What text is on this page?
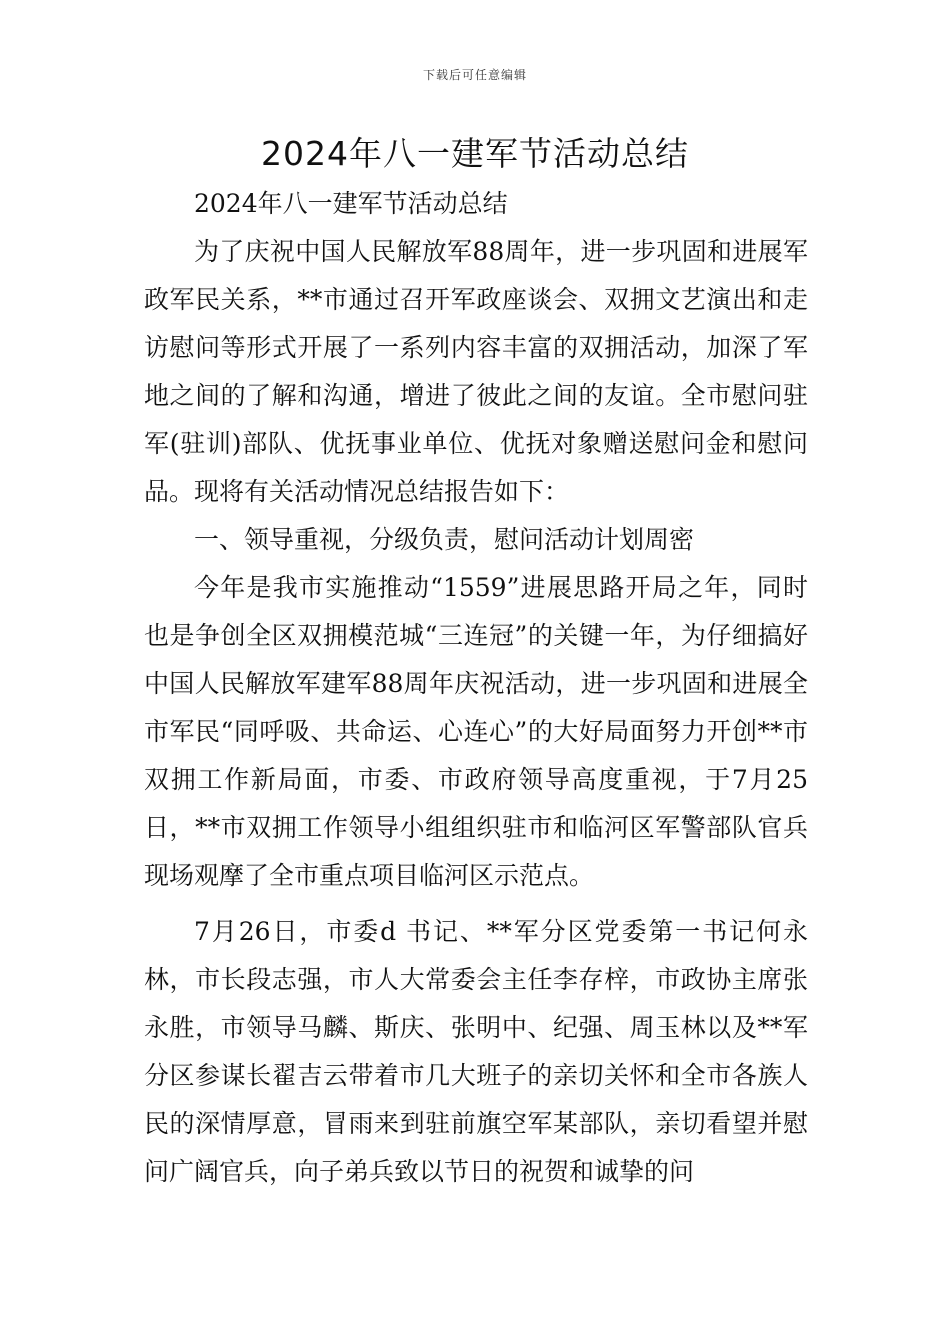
下载后可任意编辑
2024年八一建军节活动总结

2024年八一建军节活动总结

为了庆祝中国人民解放军88周年，进一步巩固和进展军政军民关系，**市通过召开军政座谈会、双拥文艺演出和走访慰问等形式开展了一系列内容丰富的双拥活动，加深了军地之间的了解和沟通，增进了彼此之间的友谊。全市慰问驻军(驻训)部队、优抚事业单位、优抚对象赠送慰问金和慰问品。现将有关活动情况总结报告如下：

一、领导重视，分级负责，慰问活动计划周密

今年是我市实施推动“1559”进展思路开局之年，同时也是争创全区双拥模范城“三连冠”的关键一年，为仔细搞好中国人民解放军建军88周年庆祝活动，进一步巩固和进展全市军民“同呼吸、共命运、心连心”的大好局面努力开创**市双拥工作新局面，市委、市政府领导高度重视，于7月25日，**市双拥工作领导小组组织驻市和临河区军警部队官兵现场观摩了全市重点项目临河区示范点。

7月26日，市委d 书记、**军分区党委第一书记何永林，市长段志强，市人大常委会主任李存梓，市政协主席张永胜，市领导马麟、斯庆、张明中、纪强、周玉林以及**军分区参谋长翟吉云带着市几大班子的亲切关怀和全市各族人民的深情厚意，冒雨来到驻前旗空军某部队，亲切看望并慰问广阔官兵，向子弟兵致以节日的祝贺和诚挚的问
